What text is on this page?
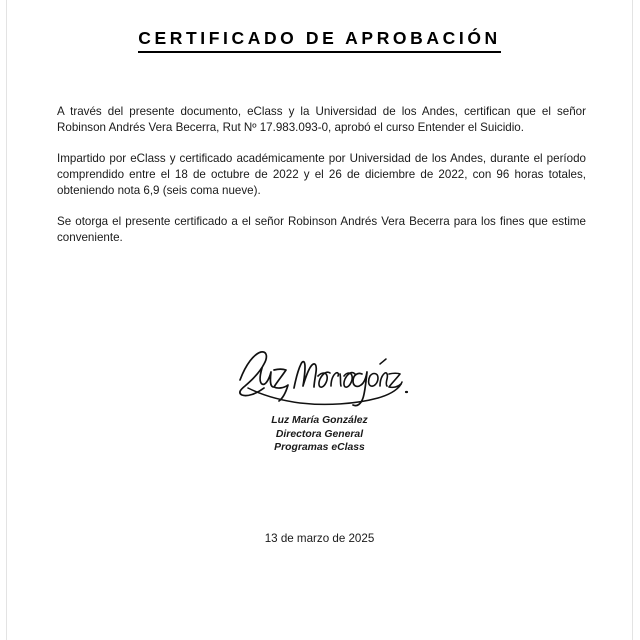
CERTIFICADO DE APROBACIÓN

A través del presente documento, eClass y la Universidad de los Andes, certifican que el señor Robinson Andrés Vera Becerra, Rut Nº 17.983.093-0, aprobó el curso Entender el Suicidio.

Impartido por eClass y certificado académicamente por Universidad de los Andes, durante el período comprendido entre el 18 de octubre de 2022 y el 26 de diciembre de 2022, con 96 horas totales, obteniendo nota 6,9 (seis coma nueve).

Se otorga el presente certificado a el señor Robinson Andrés Vera Becerra para los fines que estime conveniente.

Luz María González
Directora General
Programas eClass
13 de marzo de 2025
